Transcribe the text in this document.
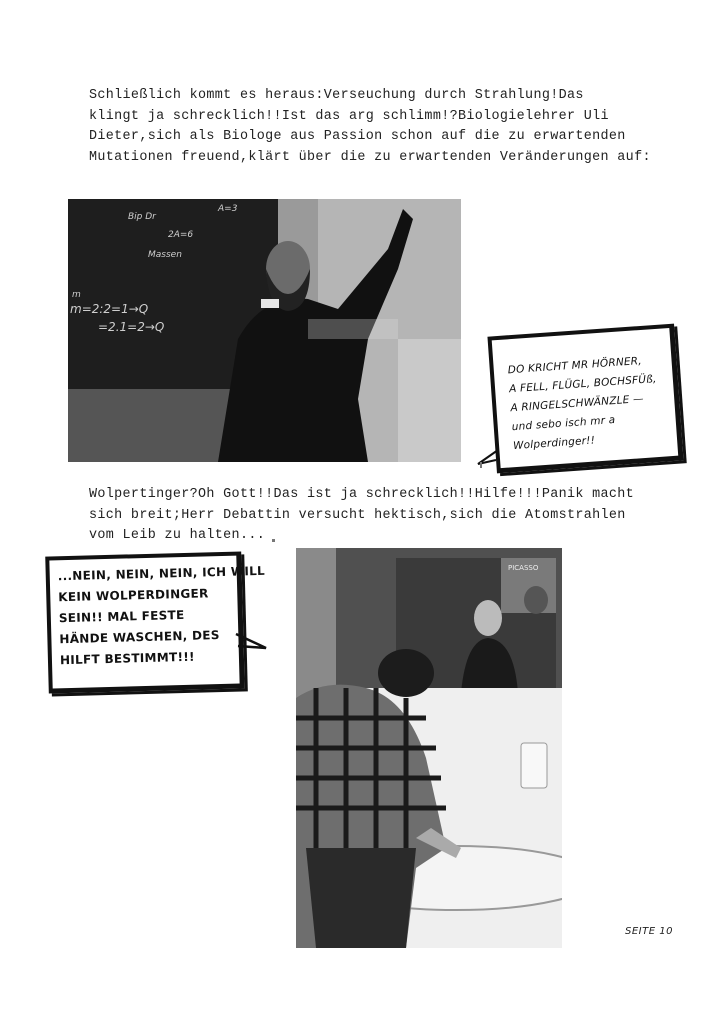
Schließlich kommt es heraus:Verseuchung durch Strahlung!Das
klingt ja schrecklich!!Ist das arg schlimm!?Biologielehrer Uli
Dieter,sich als Biologe aus Passion schon auf die zu erwartenden
Mutationen freuend,klärt über die zu erwartenden Veränderungen auf:

Bip Dr
A=3
2A=6
Massen
m
m=2:2=1→Q
=2.1=2→Q
DO KRICHT MR HÖRNER,
A FELL, FLÜGL, BOCHSFÜß,
A RINGELSCHWÄNZLE —
und sebo isch mr a
Wolperdinger!!

Wolpertinger?Oh Gott!!Das ist ja schrecklich!!Hilfe!!!Panik macht
sich breit;Herr Debattin versucht hektisch,sich die Atomstrahlen
vom Leib zu halten...

...NEIN, NEIN, NEIN, ICH WILL
KEIN WOLPERDINGER
SEIN!! MAL FESTE
HÄNDE WASCHEN, DES
HILFT BESTIMMT!!!
PICASSO
SEITE 10
